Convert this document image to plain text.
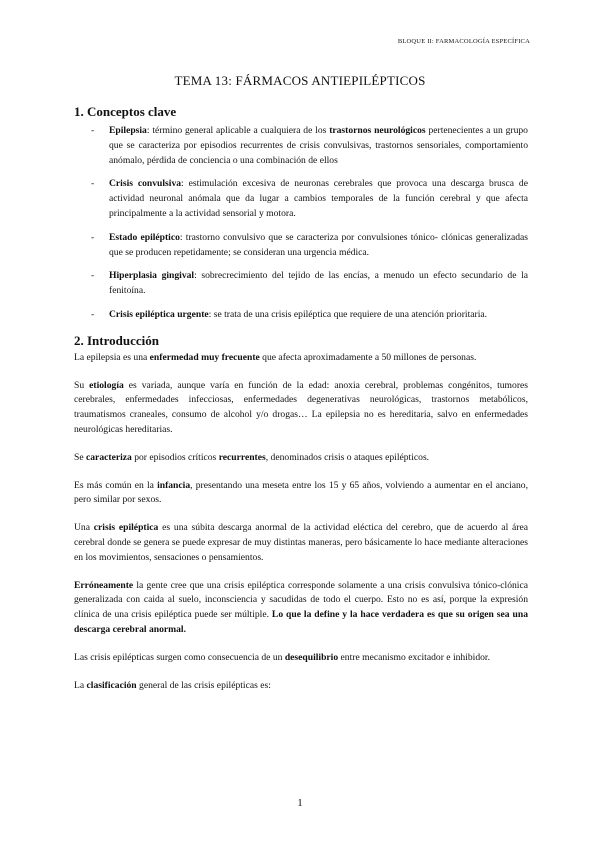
BLOQUE II: FARMACOLOGÍA ESPECÍFICA
TEMA 13: FÁRMACOS ANTIEPILÉPTICOS
1. Conceptos clave
- Epilepsia: término general aplicable a cualquiera de los trastornos neurológicos pertenecientes a un grupo que se caracteriza por episodios recurrentes de crisis convulsivas, trastornos sensoriales, comportamiento anómalo, pérdida de conciencia o una combinación de ellos
- Crisis convulsiva: estimulación excesiva de neuronas cerebrales que provoca una descarga brusca de actividad neuronal anómala que da lugar a cambios temporales de la función cerebral y que afecta principalmente a la actividad sensorial y motora.
- Estado epiléptico: trastorno convulsivo que se caracteriza por convulsiones tónico- clónicas generalizadas que se producen repetidamente; se consideran una urgencia médica.
- Hiperplasia gingival: sobrecrecimiento del tejido de las encías, a menudo un efecto secundario de la fenitoína.
- Crisis epiléptica urgente: se trata de una crisis epiléptica que requiere de una atención prioritaria.
2. Introducción

La epilepsia es una enfermedad muy frecuente que afecta aproximadamente a 50 millones de personas.

Su etiología es variada, aunque varía en función de la edad: anoxia cerebral, problemas congénitos, tumores cerebrales, enfermedades infecciosas, enfermedades degenerativas neurológicas, trastornos metabólicos, traumatismos craneales, consumo de alcohol y/o drogas… La epilepsia no es hereditaria, salvo en enfermedades neurológicas hereditarias.

Se caracteriza por episodios críticos recurrentes, denominados crisis o ataques epilépticos.

Es más común en la infancia, presentando una meseta entre los 15 y 65 años, volviendo a aumentar en el anciano, pero similar por sexos.

Una crisis epiléptica es una súbita descarga anormal de la actividad eléctica del cerebro, que de acuerdo al área cerebral donde se genera se puede expresar de muy distintas maneras, pero básicamente lo hace mediante alteraciones en los movimientos, sensaciones o pensamientos.

Erróneamente la gente cree que una crisis epiléptica corresponde solamente a una crisis convulsiva tónico-clónica generalizada con caida al suelo, inconsciencia y sacudidas de todo el cuerpo. Esto no es así, porque la expresión clínica de una crisis epiléptica puede ser múltiple. Lo que la define y la hace verdadera es que su origen sea una descarga cerebral anormal.

Las crisis epilépticas surgen como consecuencia de un desequilibrio entre mecanismo excitador e inhibidor.

La clasificación general de las crisis epilépticas es:

1
